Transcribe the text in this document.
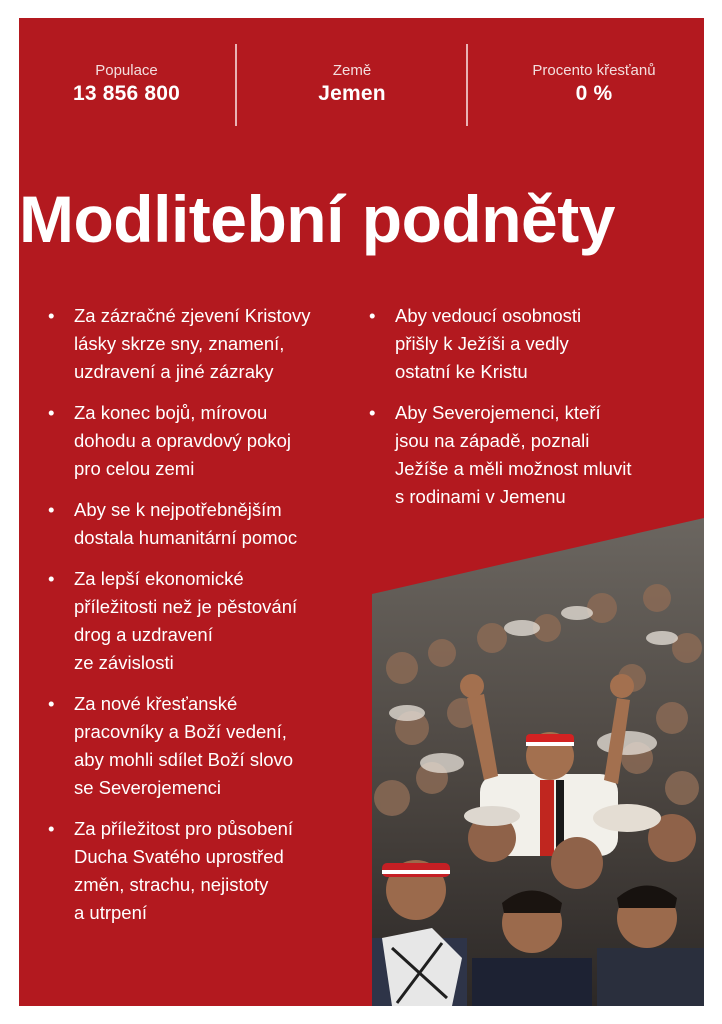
Populace
13 856 800
Země
Jemen
Procento křesťanů
0 %
Modlitební podněty
• Za zázračné zjevení Kristovy
lásky skrze sny, znamení,
uzdravení a jiné zázraky
• Za konec bojů, mírovou
dohodu a opravdový pokoj
pro celou zemi
• Aby se k nejpotřebnějším
dostala humanitární pomoc
• Za lepší ekonomické
příležitosti než je pěstování
drog a uzdravení
ze závislosti
• Za nové křesťanské
pracovníky a Boží vedení,
aby mohli sdílet Boží slovo
se Severojemenci
• Za příležitost pro působení
Ducha Svatého uprostřed
změn, strachu, nejistoty
a utrpení
• Aby vedoucí osobnosti
přišly k Ježíši a vedly
ostatní ke Kristu
• Aby Severojemenci, kteří
jsou na západě, poznali
Ježíše a měli možnost mluvit
s rodinami v Jemenu
